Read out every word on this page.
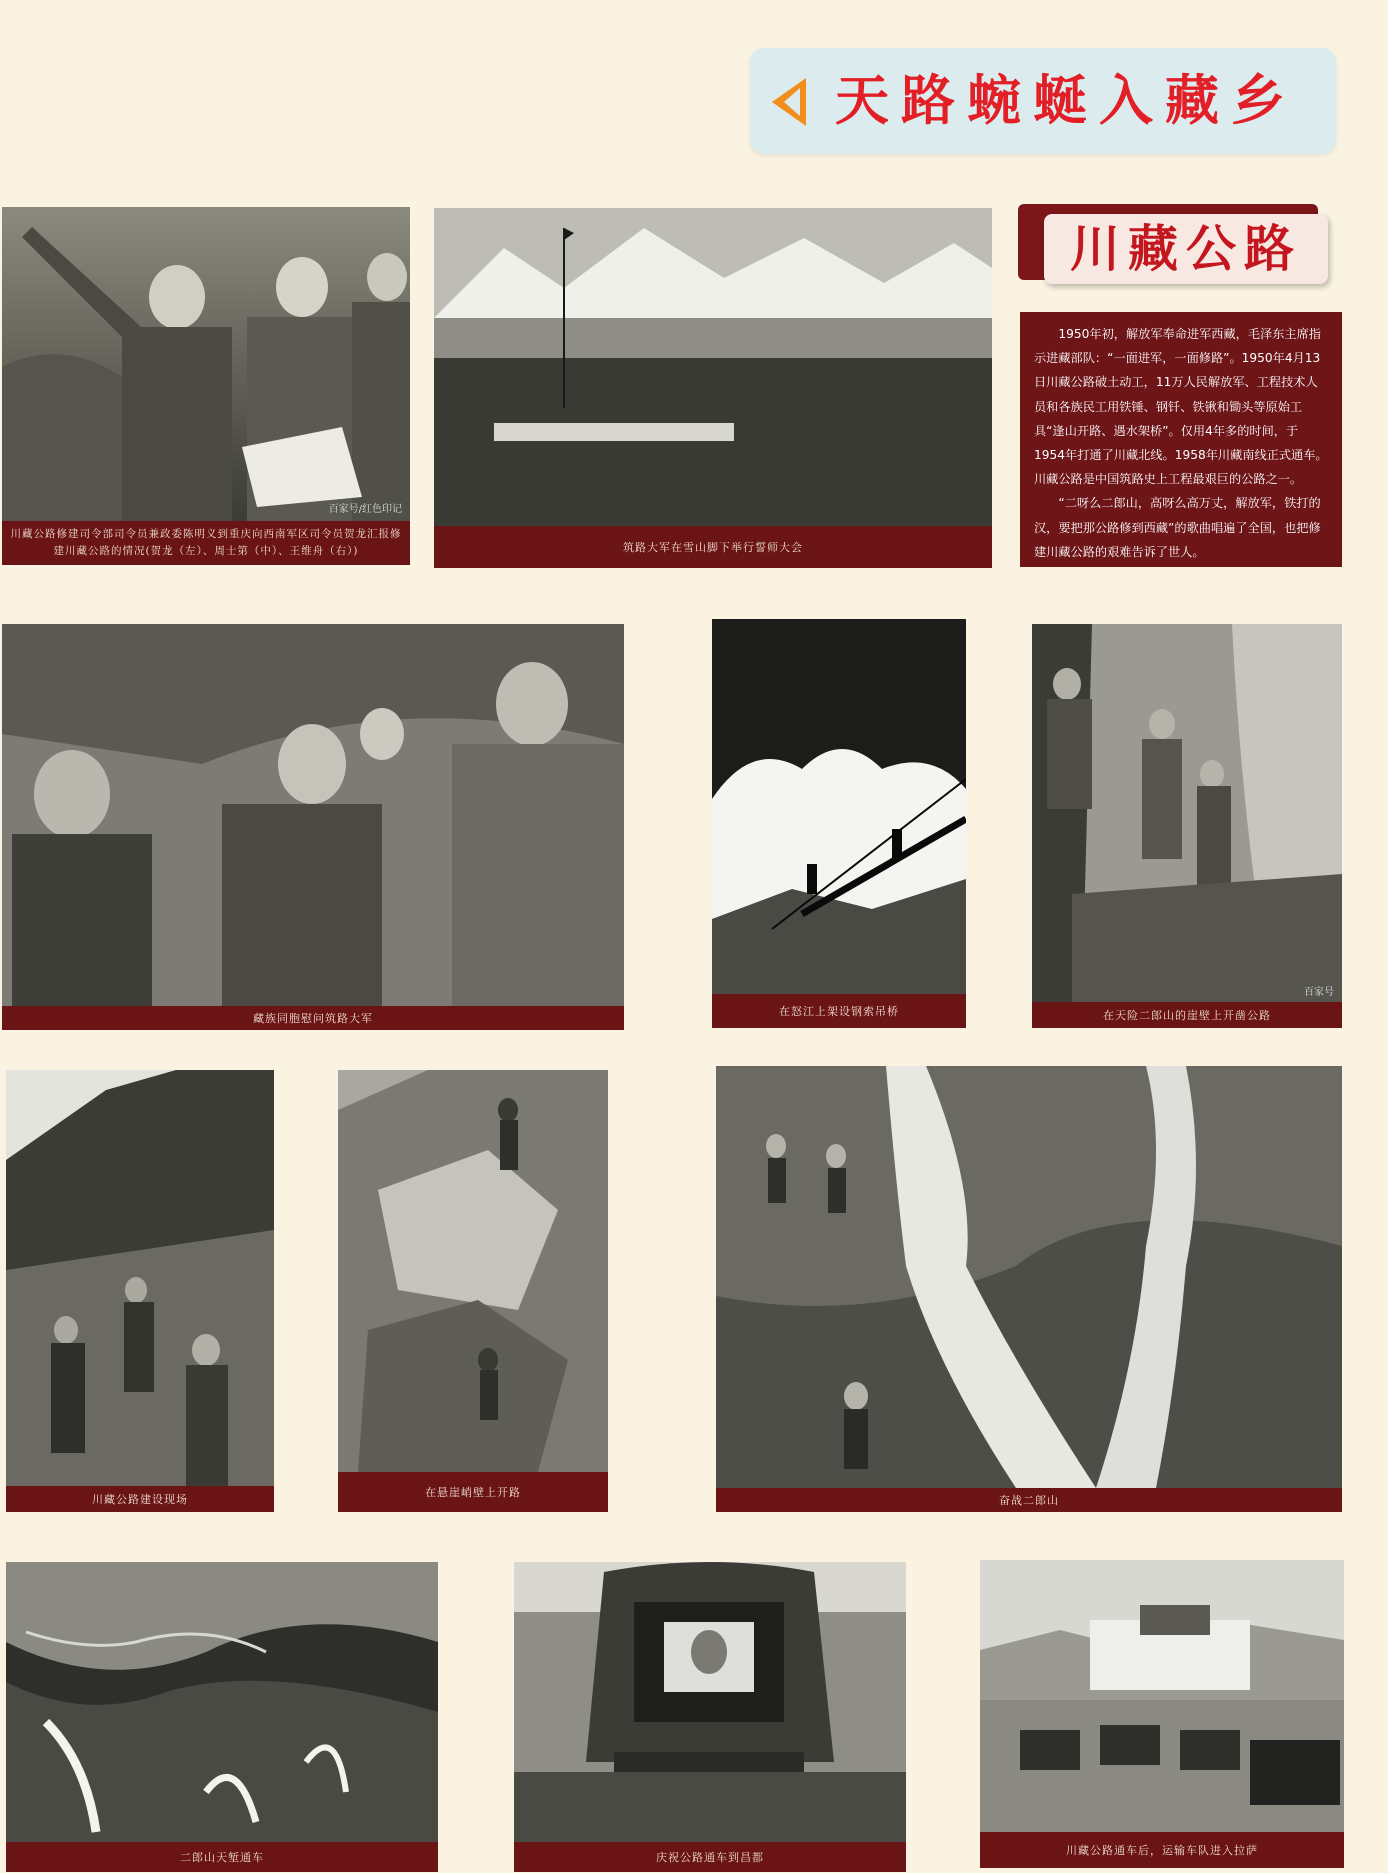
天路蜿蜒入藏乡
川藏公路

1950年初，解放军奉命进军西藏，毛泽东主席指示进藏部队：“一面进军，一面修路”。1950年4月13日川藏公路破土动工，11万人民解放军、工程技术人员和各族民工用铁锤、钢钎、铁锹和锄头等原始工具“逢山开路、遇水架桥”。仅用4年多的时间，于1954年打通了川藏北线。1958年川藏南线正式通车。川藏公路是中国筑路史上工程最艰巨的公路之一。

“二呀么二郎山，高呀么高万丈，解放军，铁打的汉，要把那公路修到西藏”的歌曲唱遍了全国，也把修建川藏公路的艰难告诉了世人。

百家号/红色印记
川藏公路修建司令部司令员兼政委陈明义到重庆向西南军区司令员贺龙汇报修建川藏公路的情况(贺龙（左）、周士第（中）、王维舟（右）)	筑路大军在雪山脚下举行誓师大会
藏族同胞慰问筑路大军
在怒江上架设钢索吊桥
百家号
在天险二郎山的崖壁上开凿公路
川藏公路建设现场
在悬崖峭壁上开路
奋战二郎山
二郎山天堑通车	庆祝公路通车到昌都
川藏公路通车后，运输车队进入拉萨
